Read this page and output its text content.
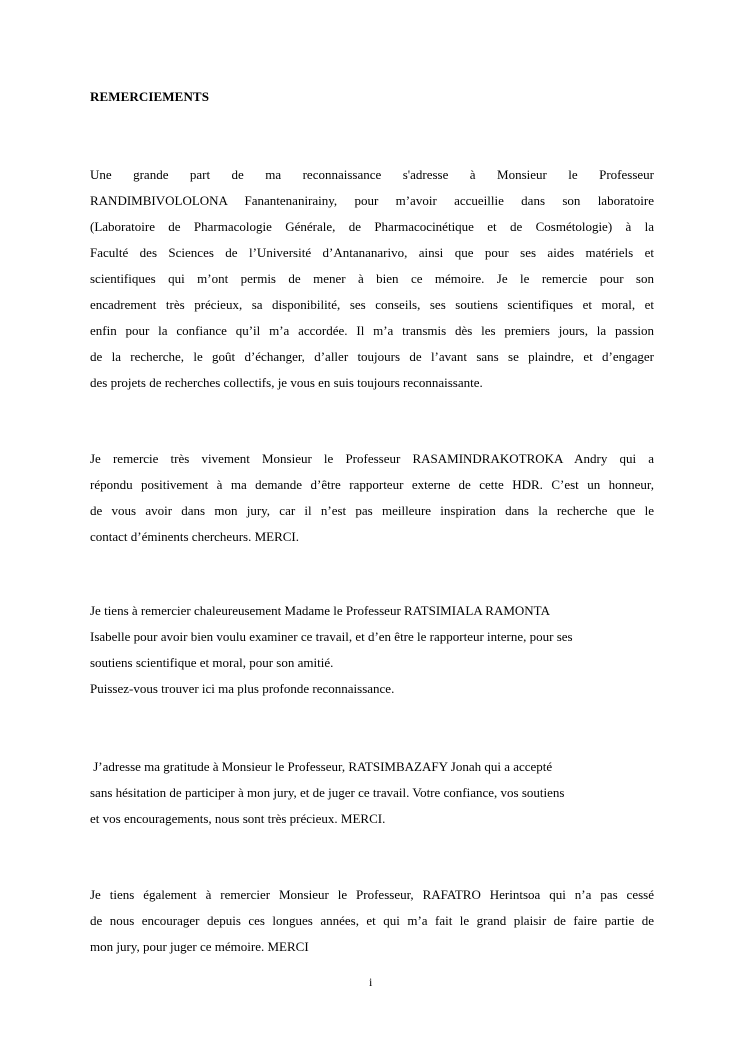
REMERCIEMENTS
Une grande part de ma reconnaissance s'adresse à Monsieur le Professeur
RANDIMBIVOLOLONA Fanantenanirainy, pour m’avoir accueillie dans son laboratoire
(Laboratoire de Pharmacologie Générale, de Pharmacocinétique et de Cosmétologie) à la
Faculté des Sciences de l’Université d’Antananarivo, ainsi que pour ses aides matériels et
scientifiques qui m’ont permis de mener à bien ce mémoire. Je le remercie pour son
encadrement très précieux, sa disponibilité, ses conseils, ses soutiens scientifiques et moral, et
enfin pour la confiance qu’il m’a accordée. Il m’a transmis dès les premiers jours, la passion
de la recherche, le goût d’échanger, d’aller toujours de l’avant sans se plaindre, et d’engager
des projets de recherches collectifs, je vous en suis toujours reconnaissante.
Je remercie très vivement Monsieur le Professeur RASAMINDRAKOTROKA Andry qui a
répondu positivement à ma demande d’être rapporteur externe de cette HDR. C’est un honneur,
de vous avoir dans mon jury, car il n’est pas meilleure inspiration dans la recherche que le
contact d’éminents chercheurs. MERCI.
Je tiens à remercier chaleureusement Madame le Professeur RATSIMIALA RAMONTA
Isabelle pour avoir bien voulu examiner ce travail, et d’en être le rapporteur interne, pour ses
soutiens scientifique et moral, pour son amitié.
Puissez-vous trouver ici ma plus profonde reconnaissance.
J’adresse ma gratitude à Monsieur le Professeur, RATSIMBAZAFY Jonah qui a accepté
sans hésitation de participer à mon jury, et de juger ce travail. Votre confiance, vos soutiens
et vos encouragements, nous sont très précieux. MERCI.
Je tiens également à remercier Monsieur le Professeur, RAFATRO Herintsoa qui n’a pas cessé
de nous encourager depuis ces longues années, et qui m’a fait le grand plaisir de faire partie de
mon jury, pour juger ce mémoire. MERCI
i
